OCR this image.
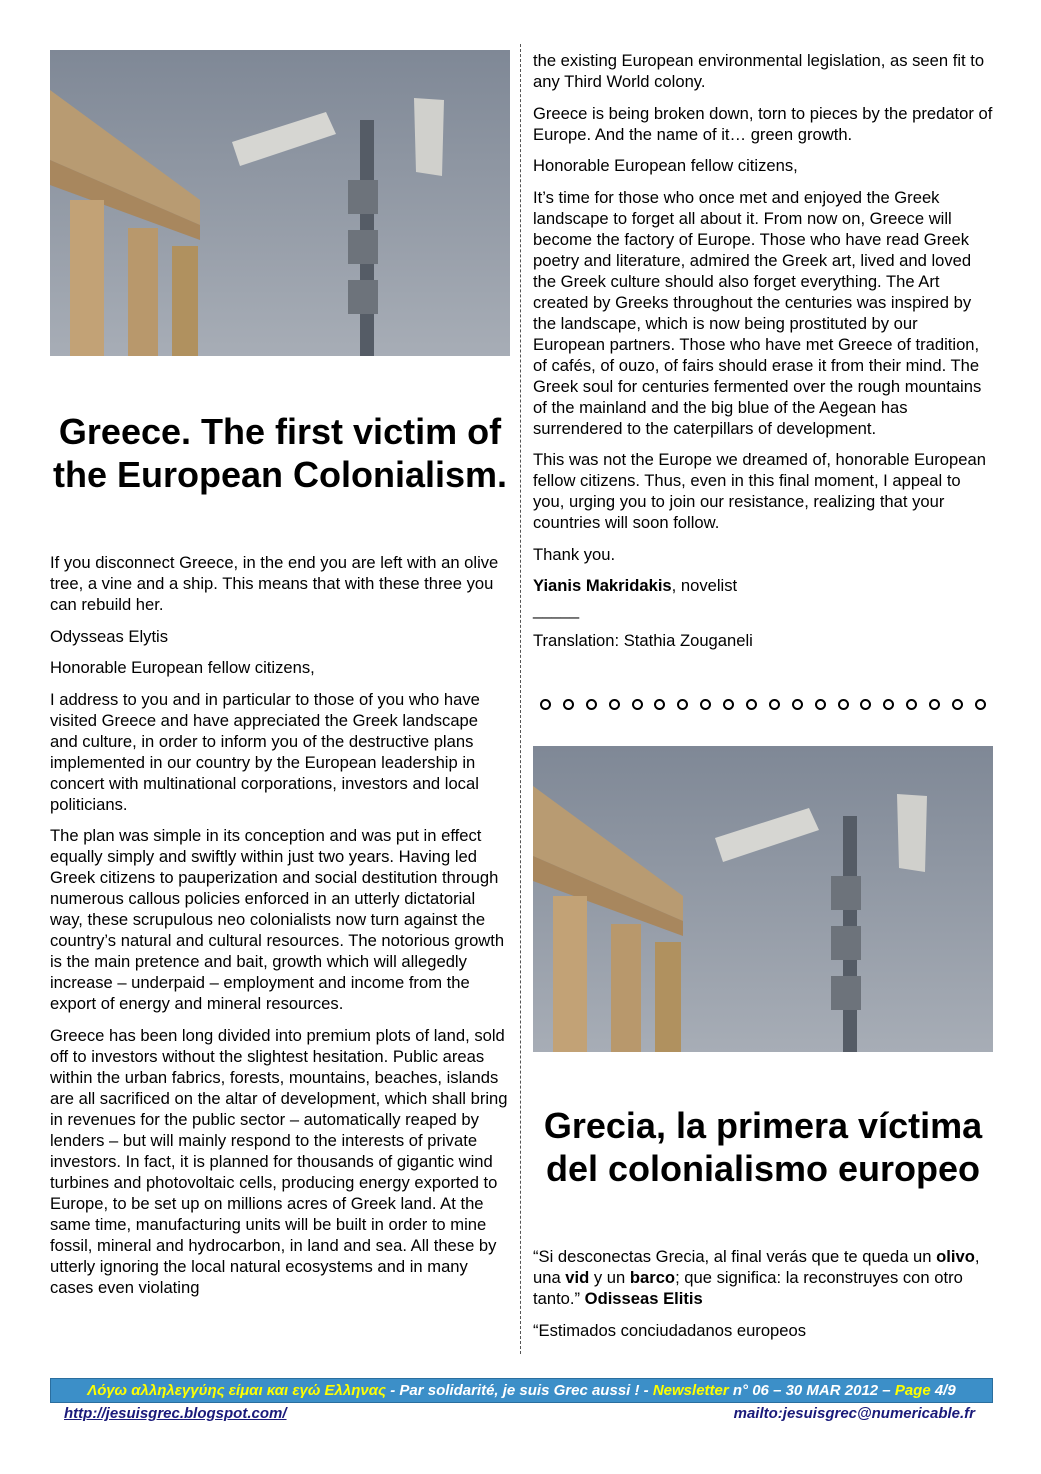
Greece. The first victim of the European Colonialism.

If you disconnect Greece, in the end you are left with an olive tree, a vine and a ship. This means that with these three you can rebuild her.

Odysseas Elytis

Honorable European fellow citizens,

I address to you and in particular to those of you who have visited Greece and have appreciated the Greek landscape and culture, in order to inform you of the destructive plans implemented in our country by the European leadership in concert with multinational corporations, investors and local politicians.

The plan was simple in its conception and was put in effect equally simply and swiftly within just two years. Having led Greek citizens to pauperization and social destitution through numerous callous policies enforced in an utterly dictatorial way, these scrupulous neo colonialists now turn against the country’s natural and cultural resources. The notorious growth is the main pretence and bait, growth which will allegedly increase – underpaid – employment and income from the export of energy and mineral resources.

Greece has been long divided into premium plots of land, sold off to investors without the slightest hesitation. Public areas within the urban fabrics, forests, mountains, beaches, islands are all sacrificed on the altar of development, which shall bring in revenues for the public sector – automatically reaped by lenders – but will mainly respond to the interests of private investors. In fact, it is planned for thousands of gigantic wind turbines and photovoltaic cells, producing energy exported to Europe, to be set up on millions acres of Greek land. At the same time, manufacturing units will be built in order to mine fossil, mineral and hydrocarbon, in land and sea. All these by utterly ignoring the local natural ecosystems and in many cases even violating

the existing European environmental legislation, as seen fit to any Third World colony.

Greece is being broken down, torn to pieces by the predator of Europe. And the name of it… green growth.

Honorable European fellow citizens,

It’s time for those who once met and enjoyed the Greek landscape to forget all about it. From now on, Greece will become the factory of Europe. Those who have read Greek poetry and literature, admired the Greek art, lived and loved the Greek culture should also forget everything. The Art created by Greeks throughout the centuries was inspired by the landscape, which is now being prostituted by our European partners. Those who have met Greece of tradition, of cafés, of ouzo, of fairs should erase it from their mind. The Greek soul for centuries fermented over the rough mountains of the mainland and the big blue of the Aegean has surrendered to the caterpillars of development.

This was not the Europe we dreamed of, honorable European fellow citizens. Thus, even in this final moment, I appeal to you, urging you to join our resistance, realizing that your countries will soon follow.

Thank you.

Yianis Makridakis, novelist

_____

Translation: Stathia Zouganeli

Grecia, la primera víctima del colonialismo europeo

“Si desconectas Grecia, al final verás que te queda un olivo, una vid y un barco; que significa: la reconstruyes con otro tanto.” Odisseas Elitis

“Estimados conciudadanos europeos

Λόγω αλληλεγγύης είμαι και εγώ Ελληνας - Par solidarité, je suis Grec aussi ! - Newsletter n° 06 – 30 MAR 2012 – Page 4/9
http://jesuisgrec.blogspot.com/	mailto:jesuisgrec@numericable.fr
